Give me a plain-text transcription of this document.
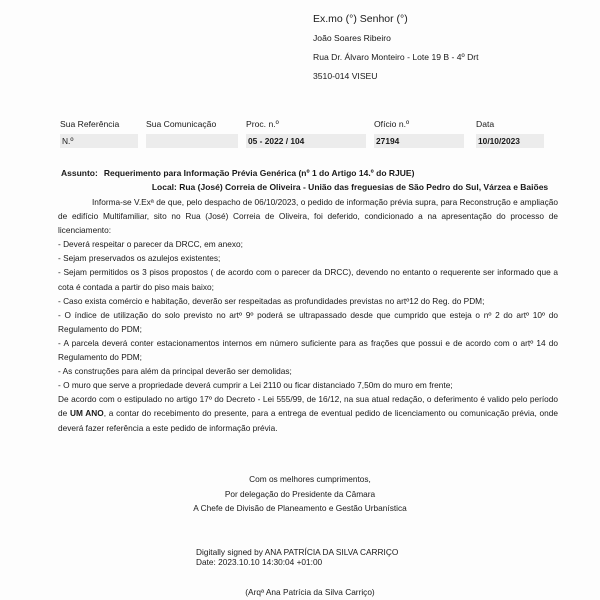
Ex.mo (°) Senhor (°)
João Soares Ribeiro
Rua Dr. Álvaro Monteiro - Lote 19 B - 4º Drt
3510-014 VISEU
Sua Referência
N.º
Sua Comunicação	Proc. n.º
05 - 2022 / 104
Ofício n.º
27194
Data
10/10/2023
Assunto: Requerimento para Informação Prévia Genérica (nº 1 do Artigo 14.º do RJUE)
Local: Rua (José) Correia de Oliveira - União das freguesias de São Pedro do Sul, Várzea e Baiões

Informa-se V.Exª de que, pelo despacho de 06/10/2023, o pedido de informação prévia supra, para Reconstrução e ampliação de edifício Multifamiliar, sito no Rua (José) Correia de Oliveira, foi deferido, condicionado a na apresentação do processo de licenciamento:

- Deverá respeitar o parecer da DRCC, em anexo;

- Sejam preservados os azulejos existentes;

- Sejam permitidos os 3 pisos propostos ( de acordo com o parecer da DRCC), devendo no entanto o requerente ser informado que a cota é contada a partir do piso mais baixo;

- Caso exista comércio e habitação, deverão ser respeitadas as profundidades previstas no artº12 do Reg. do PDM;

- O índice de utilização do solo previsto no artº 9º poderá se ultrapassado desde que cumprido que esteja o nº 2 do artº 10º do Regulamento do PDM;

- A parcela deverá conter estacionamentos internos em número suficiente para as frações que possui e de acordo com o artº 14 do Regulamento do PDM;

- As construções para além da principal deverão ser demolidas;

- O muro que serve a propriedade deverá cumprir a Lei 2110 ou ficar distanciado 7,50m do muro em frente;

De acordo com o estipulado no artigo 17º do Decreto - Lei 555/99, de 16/12, na sua atual redação, o deferimento é valido pelo período de UM ANO, a contar do recebimento do presente, para a entrega de eventual pedido de licenciamento ou comunicação prévia, onde deverá fazer referência a este pedido de informação prévia.

Com os melhores cumprimentos,
Por delegação do Presidente da Câmara
A Chefe de Divisão de Planeamento e Gestão Urbanística
Digitally signed by ANA PATRÍCIA DA SILVA CARRIÇO
Date: 2023.10.10 14:30:04 +01:00
(Arqª Ana Patrícia da Silva Carriço)
